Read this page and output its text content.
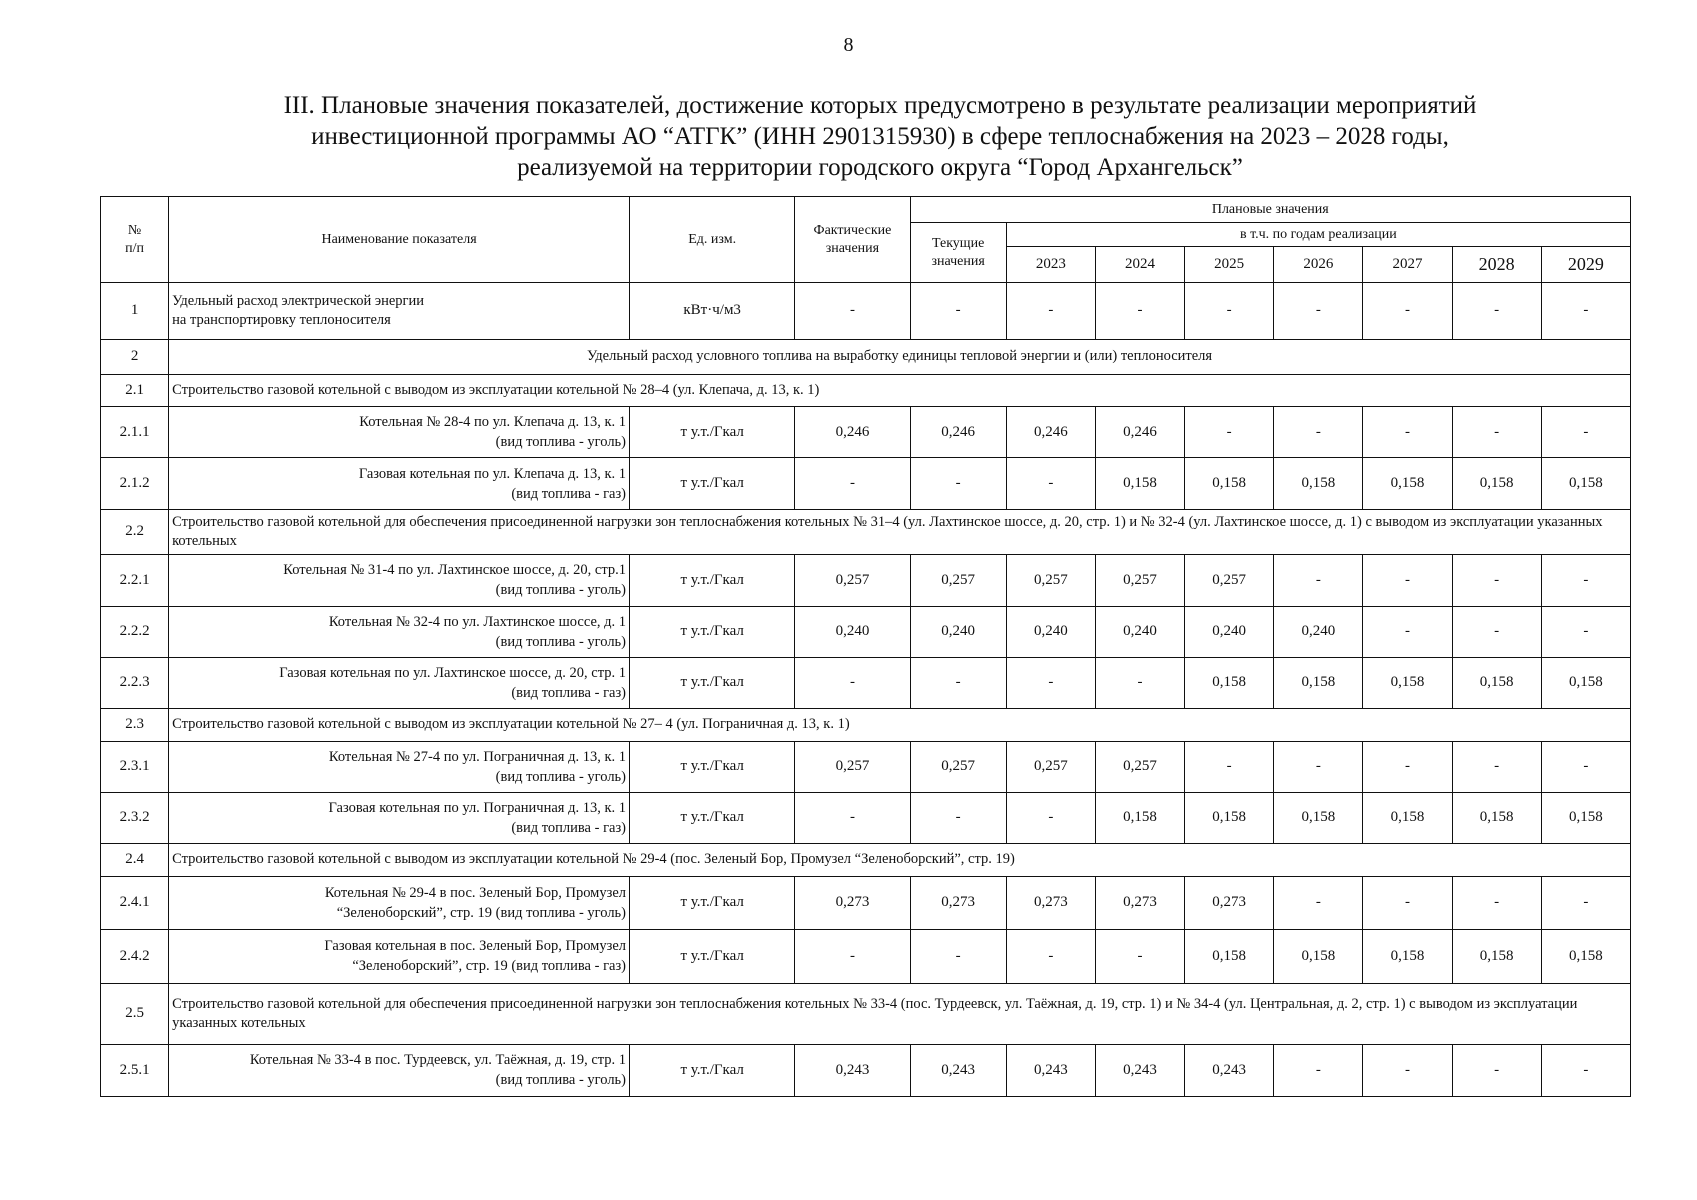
8
III. Плановые значения показателей, достижение которых предусмотрено в результате реализации мероприятий
инвестиционной программы АО “АТГК” (ИНН 2901315930) в сфере теплоснабжения на 2023 – 2028 годы,
реализуемой на территории городского округа “Город Архангельск”
№ п/п	Наименование показателя	Ед. изм.	Фактические значения	Плановые значения							
				Текущие значения	в т.ч. по годам реализации						
					2023	2024	2025	2026	2027	2028	2029
1	Удельный расход электрической энергии
на транспортировку теплоносителя	кВт·ч/м3	-	-	-	-	-	-	-	-	-
2	Удельный расход условного топлива на выработку единицы тепловой энергии и (или) теплоносителя										
2.1	Строительство газовой котельной с выводом из эксплуатации котельной № 28–4 (ул. Клепача, д. 13, к. 1)										
2.1.1	Котельная № 28-4 по ул. Клепача д. 13, к. 1
(вид топлива - уголь)	т у.т./Гкал	0,246	0,246	0,246	0,246	-	-	-	-	-
2.1.2	Газовая котельная по ул. Клепача д. 13, к. 1
(вид топлива - газ)	т у.т./Гкал	-	-	-	0,158	0,158	0,158	0,158	0,158	0,158
2.2	Строительство газовой котельной для обеспечения присоединенной нагрузки зон теплоснабжения котельных № 31–4 (ул. Лахтинское шоссе, д. 20, стр. 1) и № 32-4 (ул. Лахтинское шоссе, д. 1) с выводом из эксплуатации указанных котельных										
2.2.1	Котельная № 31-4 по ул. Лахтинское шоссе, д. 20, стр.1
(вид топлива - уголь)	т у.т./Гкал	0,257	0,257	0,257	0,257	0,257	-	-	-	-
2.2.2	Котельная № 32-4 по ул. Лахтинское шоссе, д. 1
(вид топлива - уголь)	т у.т./Гкал	0,240	0,240	0,240	0,240	0,240	0,240	-	-	-
2.2.3	Газовая котельная по ул. Лахтинское шоссе, д. 20, стр. 1
(вид топлива - газ)	т у.т./Гкал	-	-	-	-	0,158	0,158	0,158	0,158	0,158
2.3	Строительство газовой котельной с выводом из эксплуатации котельной № 27– 4 (ул. Пограничная д. 13, к. 1)										
2.3.1	Котельная № 27-4 по ул. Пограничная д. 13, к. 1
(вид топлива - уголь)	т у.т./Гкал	0,257	0,257	0,257	0,257	-	-	-	-	-
2.3.2	Газовая котельная по ул. Пограничная д. 13, к. 1
(вид топлива - газ)	т у.т./Гкал	-	-	-	0,158	0,158	0,158	0,158	0,158	0,158
2.4	Строительство газовой котельной с выводом из эксплуатации котельной № 29-4 (пос. Зеленый Бор, Промузел “Зеленоборский”, стр. 19)										
2.4.1	Котельная № 29-4 в пос. Зеленый Бор, Промузел
“Зеленоборский”, стр. 19 (вид топлива - уголь)	т у.т./Гкал	0,273	0,273	0,273	0,273	0,273	-	-	-	-
2.4.2	Газовая котельная в пос. Зеленый Бор, Промузел
“Зеленоборский”, стр. 19 (вид топлива - газ)	т у.т./Гкал	-	-	-	-	0,158	0,158	0,158	0,158	0,158
2.5	Строительство газовой котельной для обеспечения присоединенной нагрузки зон теплоснабжения котельных № 33-4 (пос. Турдеевск, ул. Таёжная, д. 19, стр. 1) и № 34-4 (ул. Центральная, д. 2, стр. 1) с выводом из эксплуатации указанных котельных										
2.5.1	Котельная № 33-4 в пос. Турдеевск, ул. Таёжная, д. 19, стр. 1
(вид топлива - уголь)	т у.т./Гкал	0,243	0,243	0,243	0,243	0,243	-	-	-	-
